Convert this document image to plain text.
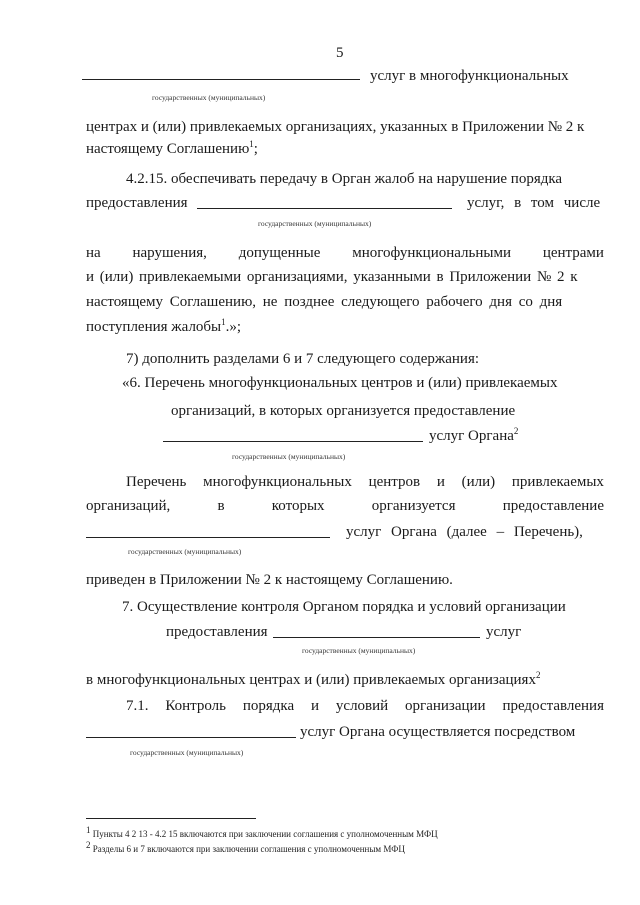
5
услуг в многофункциональных
государственных (муниципальных)
центрах и (или) привлекаемых организациях, указанных в Приложении № 2 к
настоящему Соглашению$^1$;
4.2.15. обеспечивать передачу в Орган жалоб на нарушение порядка
предоставления	услуг, в том числе
государственных (муниципальных)
на нарушения, допущенные многофункциональными центрами
и (или) привлекаемыми организациями, указанными в Приложении № 2 к
настоящему Соглашению, не позднее следующего рабочего дня со дня
поступления жалобы$^1$.»;
7) дополнить разделами 6 и 7 следующего содержания:
«6. Перечень многофункциональных центров и (или) привлекаемых
организаций, в которых организуется предоставление
услуг Органа$^2$
государственных (муниципальных)
Перечень многофункциональных центров и (или) привлекаемых
организаций,	в	которых	организуется	предоставление
услуг Органа (далее – Перечень),
государственных (муниципальных)
приведен в Приложении № 2 к настоящему Соглашению.
7. Осуществление контроля Органом порядка и условий организации
предоставления	услуг
государственных (муниципальных)
в многофункциональных центрах и (или) привлекаемых организациях$^2$
7.1. Контроль порядка и условий организации предоставления
услуг Органа осуществляется посредством
государственных (муниципальных)
$^1$ Пункты 4 2 13 - 4.2 15 включаются при заключении соглашения с уполномоченным МФЦ
$^2$ Разделы 6 и 7 включаются при заключении соглашения с уполномоченным МФЦ
